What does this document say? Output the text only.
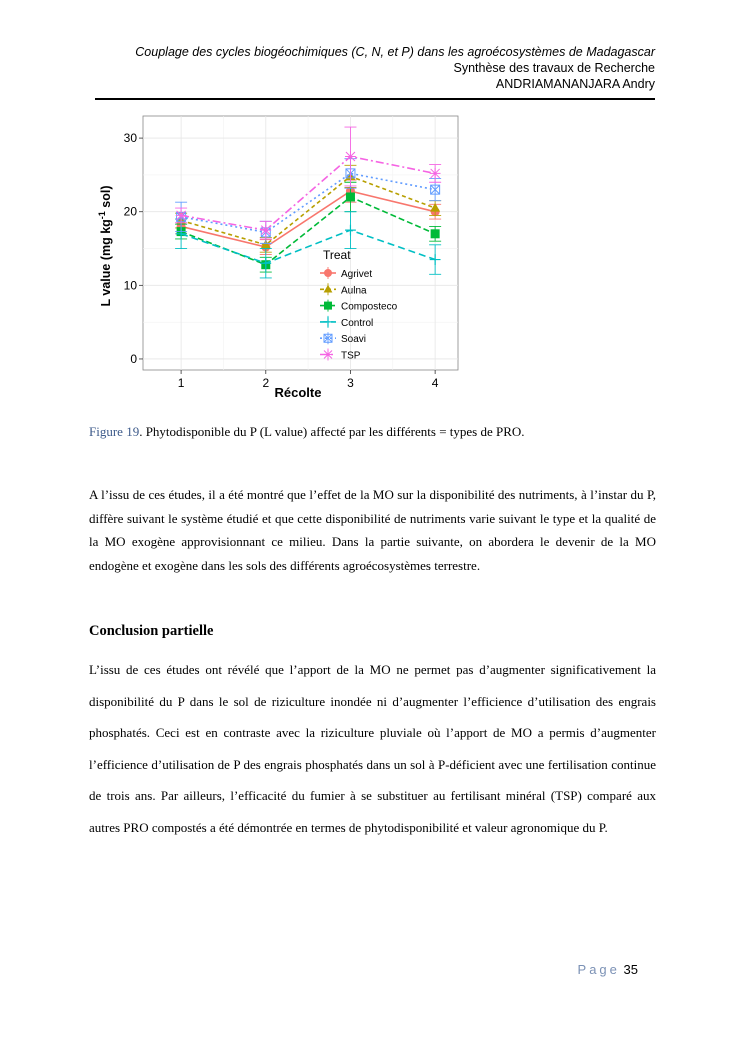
Couplage des cycles biogéochimiques (C, N, et P) dans les agroécosystèmes de Madagascar
Synthèse des travaux de Recherche
ANDRIAMANANJARA Andry
0
10
20
30
1	2	3	4
Treat
Agrivet
Aulna
Composteco
Control
Soavi
TSP
Récolte
L value (mg $kg^{-1}$ sol)
Figure 19. Phytodisponible du P (L value) affecté par les différents = types de PRO.
A l’issu de ces études, il a été montré que l’effet de la MO sur la disponibilité des nutriments, à l’instar du P, diffère suivant le système étudié et que cette disponibilité de nutriments varie suivant le type et la qualité de la MO exogène approvisionnant ce milieu. Dans la partie suivante, on abordera le devenir de la MO endogène et exogène dans les sols des différents agroécosystèmes terrestre.
Conclusion partielle
L’issu de ces études ont révélé que l’apport de la MO ne permet pas d’augmenter significativement la disponibilité du P dans le sol de riziculture inondée ni d’augmenter l’efficience d’utilisation des engrais phosphatés. Ceci est en contraste avec la riziculture pluviale où l’apport de MO a permis d’augmenter l’efficience d’utilisation de P des engrais phosphatés dans un sol à P-déficient avec une fertilisation continue de trois ans. Par ailleurs, l’efficacité du fumier à se substituer au fertilisant minéral (TSP) comparé aux autres PRO compostés a été démontrée en termes de phytodisponibilité et valeur agronomique du P.
Page 35
